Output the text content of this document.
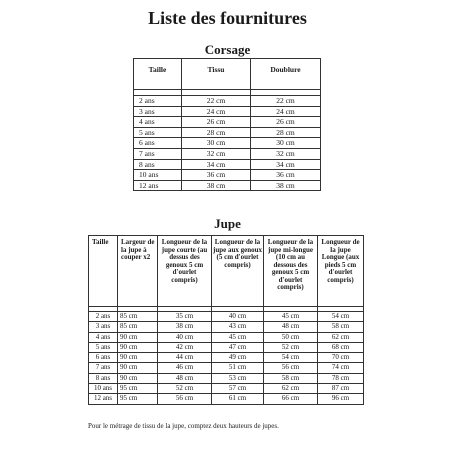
Liste des fournitures
Corsage
Taille	Tissu	Doublure

2 ans	22 cm	22 cm
3 ans	24 cm	24 cm
4 ans	26 cm	26 cm
5 ans	28 cm	28 cm
6 ans	30 cm	30 cm
7 ans	32 cm	32 cm
8 ans	34 cm	34 cm
10 ans	36 cm	36 cm
12 ans	38 cm	38 cm
Jupe
Taille	Largeur de la jupe à couper x2	Longueur de la jupe courte (au dessus des genoux 5 cm d'ourlet compris)	Longueur de la jupe aux genoux (5 cm d'ourlet compris)	Longueur de la jupe mi-longue (10 cm au dessous des genoux 5 cm d'ourlet compris)	Longueur de la jupe Longue (aux pieds 5 cm d'ourlet compris)

2 ans	85 cm	35 cm	40 cm	45 cm	54 cm
3 ans	85 cm	38 cm	43 cm	48 cm	58 cm
4 ans	90 cm	40 cm	45 cm	50 cm	62 cm
5 ans	90 cm	42 cm	47 cm	52 cm	68 cm
6 ans	90 cm	44 cm	49 cm	54 cm	70 cm
7 ans	90 cm	46 cm	51 cm	56 cm	74 cm
8 ans	90 cm	48 cm	53 cm	58 cm	78 cm
10 ans	95 cm	52 cm	57 cm	62 cm	87 cm
12 ans	95 cm	56 cm	61 cm	66 cm	96 cm
Pour le métrage de tissu de la jupe, comptez deux hauteurs de jupes.
